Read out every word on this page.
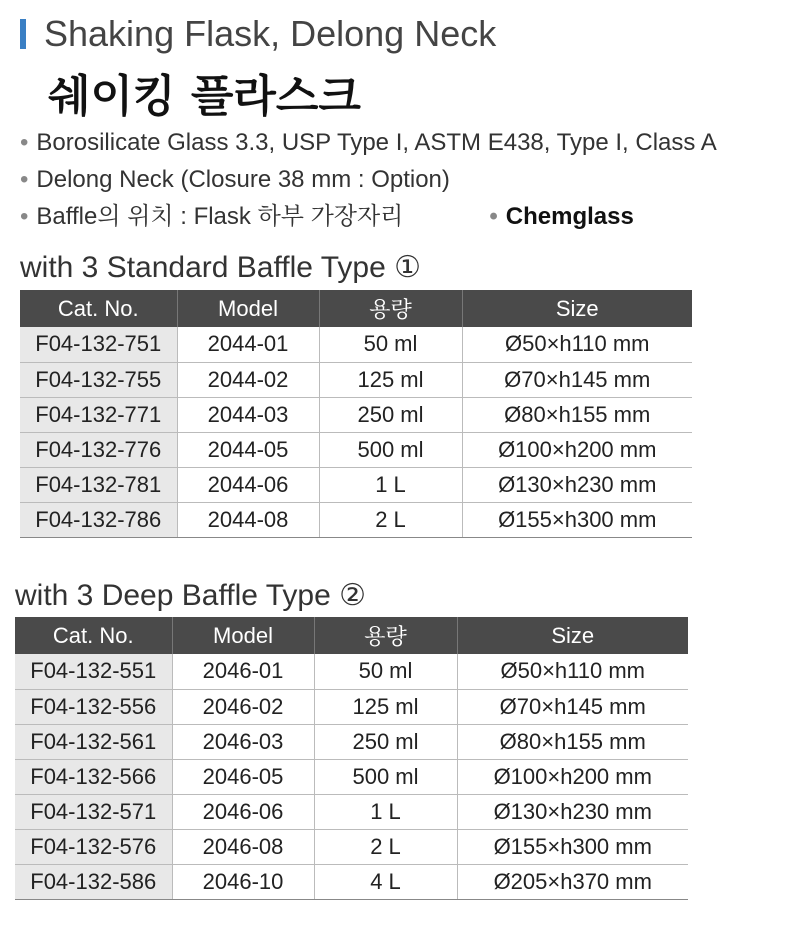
Shaking Flask, Delong Neck
쉐이킹 플라스크
• Borosilicate Glass 3.3, USP Type I, ASTM E438, Type I, Class A
• Delong Neck (Closure 38 mm : Option)
• Baffle의 위치 : Flask 하부 가장자리	• Chemglass
with 3 Standard Baffle Type ①
Cat. No.	Model	용량	Size
F04-132-751	2044-01	50 ml	Ø50×h110 mm
F04-132-755	2044-02	125 ml	Ø70×h145 mm
F04-132-771	2044-03	250 ml	Ø80×h155 mm
F04-132-776	2044-05	500 ml	Ø100×h200 mm
F04-132-781	2044-06	1 L	Ø130×h230 mm
F04-132-786	2044-08	2 L	Ø155×h300 mm
with 3 Deep Baffle Type ②
Cat. No.	Model	용량	Size
F04-132-551	2046-01	50 ml	Ø50×h110 mm
F04-132-556	2046-02	125 ml	Ø70×h145 mm
F04-132-561	2046-03	250 ml	Ø80×h155 mm
F04-132-566	2046-05	500 ml	Ø100×h200 mm
F04-132-571	2046-06	1 L	Ø130×h230 mm
F04-132-576	2046-08	2 L	Ø155×h300 mm
F04-132-586	2046-10	4 L	Ø205×h370 mm
